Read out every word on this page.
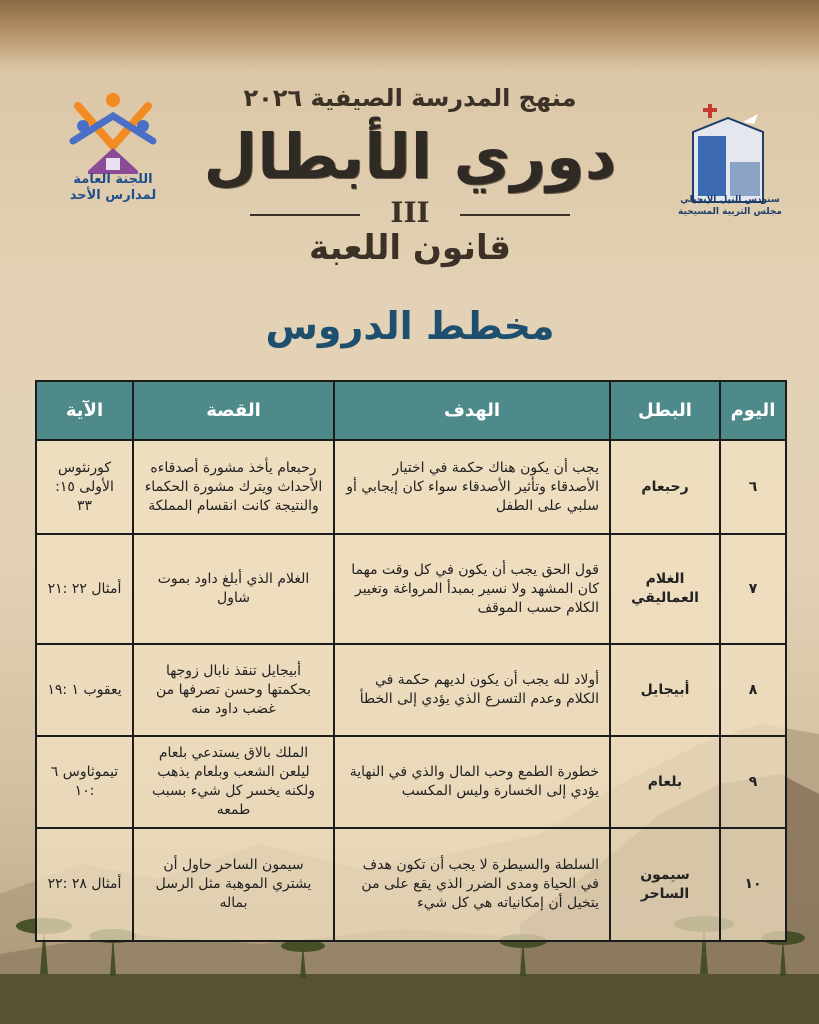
اللجنة العامة
لمدارس الأحد	سنودس النيل الإنجيلي
مجلس التربية المسيحية
منهج المدرسة الصيفية ٢٠٢٦
دوري الأبطال
III
قانون اللعبة
مخطط الدروس
اليوم	البطل	الهدف	القصة	الآية
٦	رحبعام	يجب أن يكون هناك حكمة في اختيار الأصدقاء وتأثير الأصدقاء سواء كان إيجابي أو سلبي على الطفل	رحبعام يأخذ مشورة أصدقاءه الأحداث ويترك مشورة الحكماء والنتيجة كانت انقسام المملكة	كورنثوس الأولى ١٥: ٣٣
٧	الغلام العماليقي	قول الحق يجب أن يكون في كل وقت مهما كان المشهد ولا نسير بمبدأ المرواغة وتغيير الكلام حسب الموقف	الغلام الذي أبلغ داود بموت شاول	أمثال ٢٢ :٢١
٨	أبيجايل	أولاد لله يجب أن يكون لديهم حكمة في الكلام وعدم التسرع الذي يؤدي إلى الخطأ	أبيجايل تنقذ نابال زوجها بحكمتها وحسن تصرفها من غضب داود منه	يعقوب ١ :١٩
٩	بلعام	خطورة الطمع وحب المال والذي في النهاية يؤدي إلى الخسارة وليس المكسب	الملك بالاق يستدعي بلعام ليلعن الشعب وبلعام يذهب ولكنه يخسر كل شيء بسبب طمعه	تيموثاوس ٦ :١٠
١٠	سيمون الساحر	السلطة والسيطرة لا يجب أن تكون هدف في الحياة ومدى الضرر الذي يقع على من يتخيل أن إمكانياته هي كل شيء	سيمون الساحر حاول أن يشتري الموهبة مثل الرسل بماله	أمثال ٢٨ :٢٢
